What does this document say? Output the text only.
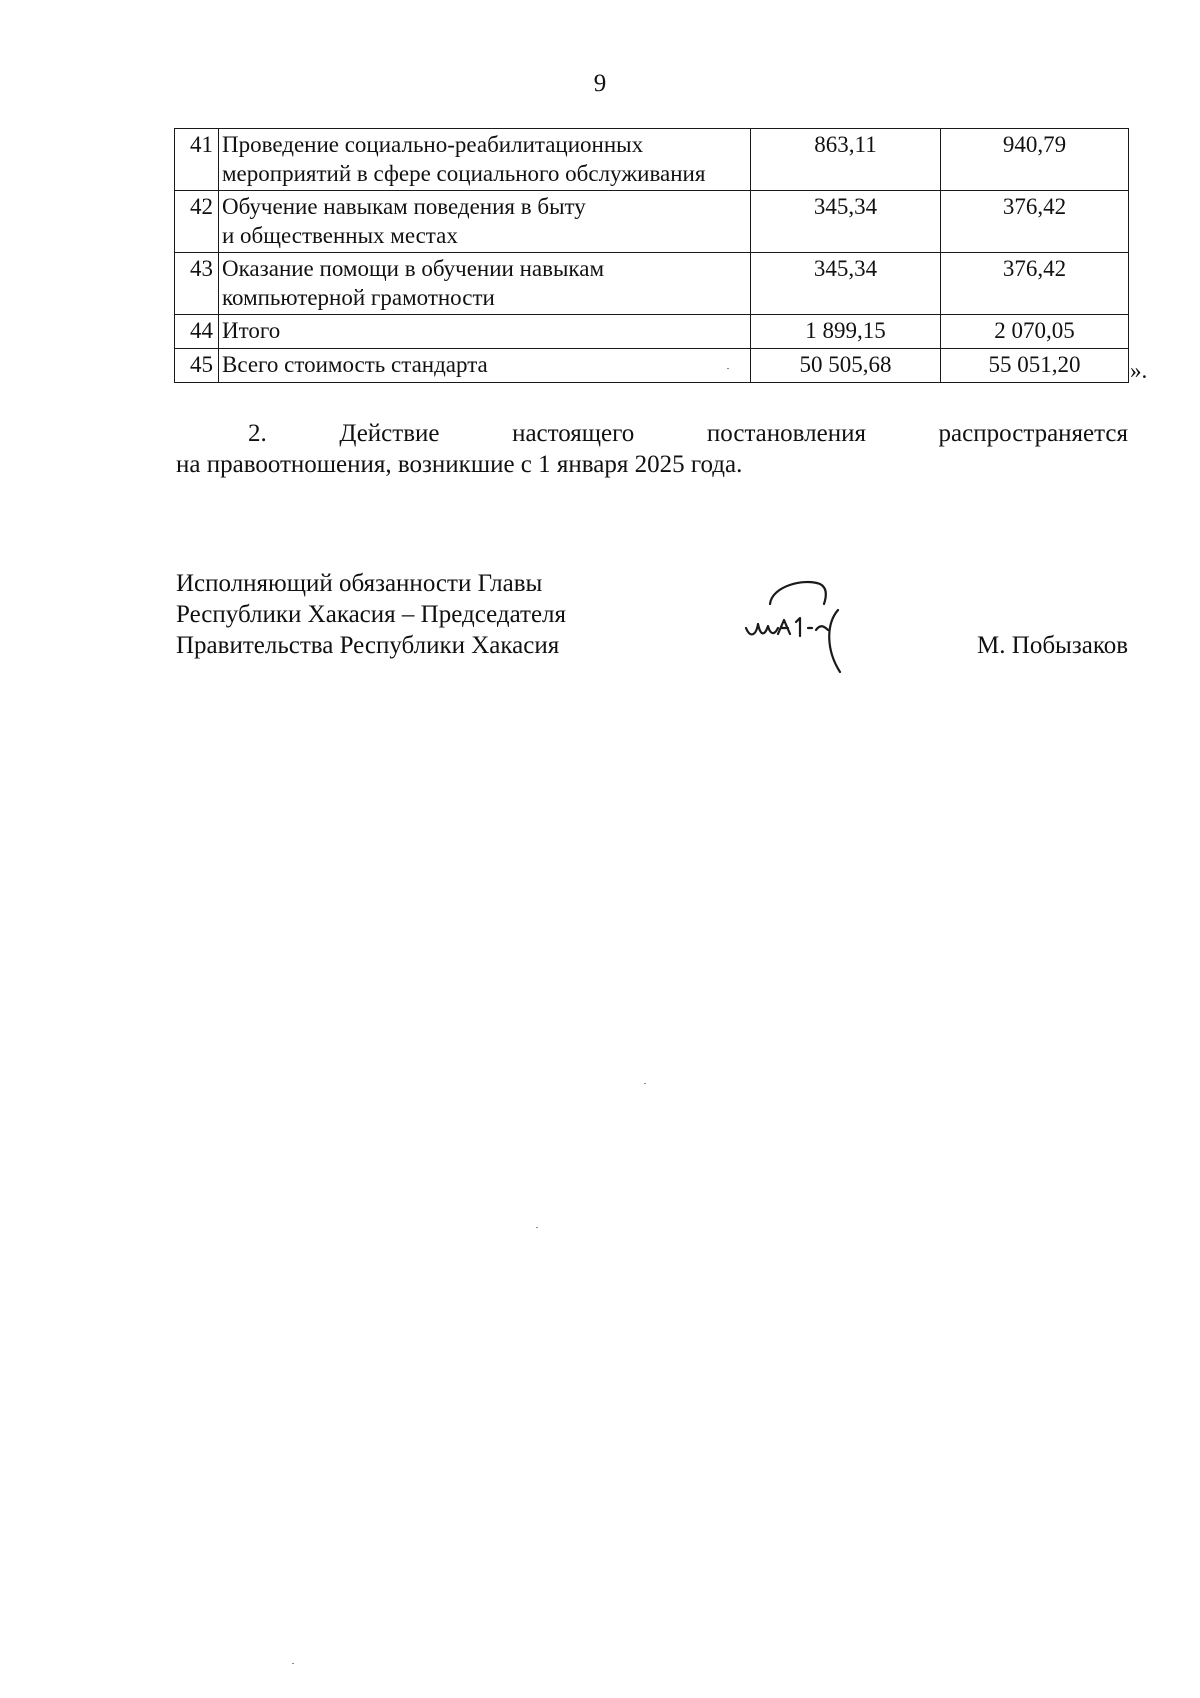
9
41	Проведение социально-реабилитационных
мероприятий в сфере социального обслуживания	863,11	940,79
42	Обучение навыкам поведения в быту
и общественных местах	345,34	376,42
43	Оказание помощи в обучении навыкам
компьютерной грамотности	345,34	376,42
44	Итого	1 899,15	2 070,05
45	Всего стоимость стандарта	50 505,68	55 051,20 ».
2.	Действие	настоящего	постановления	распространяется
на правоотношения, возникшие с 1 января 2025 года.
Исполняющий обязанности Главы
Республики Хакасия – Председателя
Правительства Республики Хакасия	М. Побызаков
